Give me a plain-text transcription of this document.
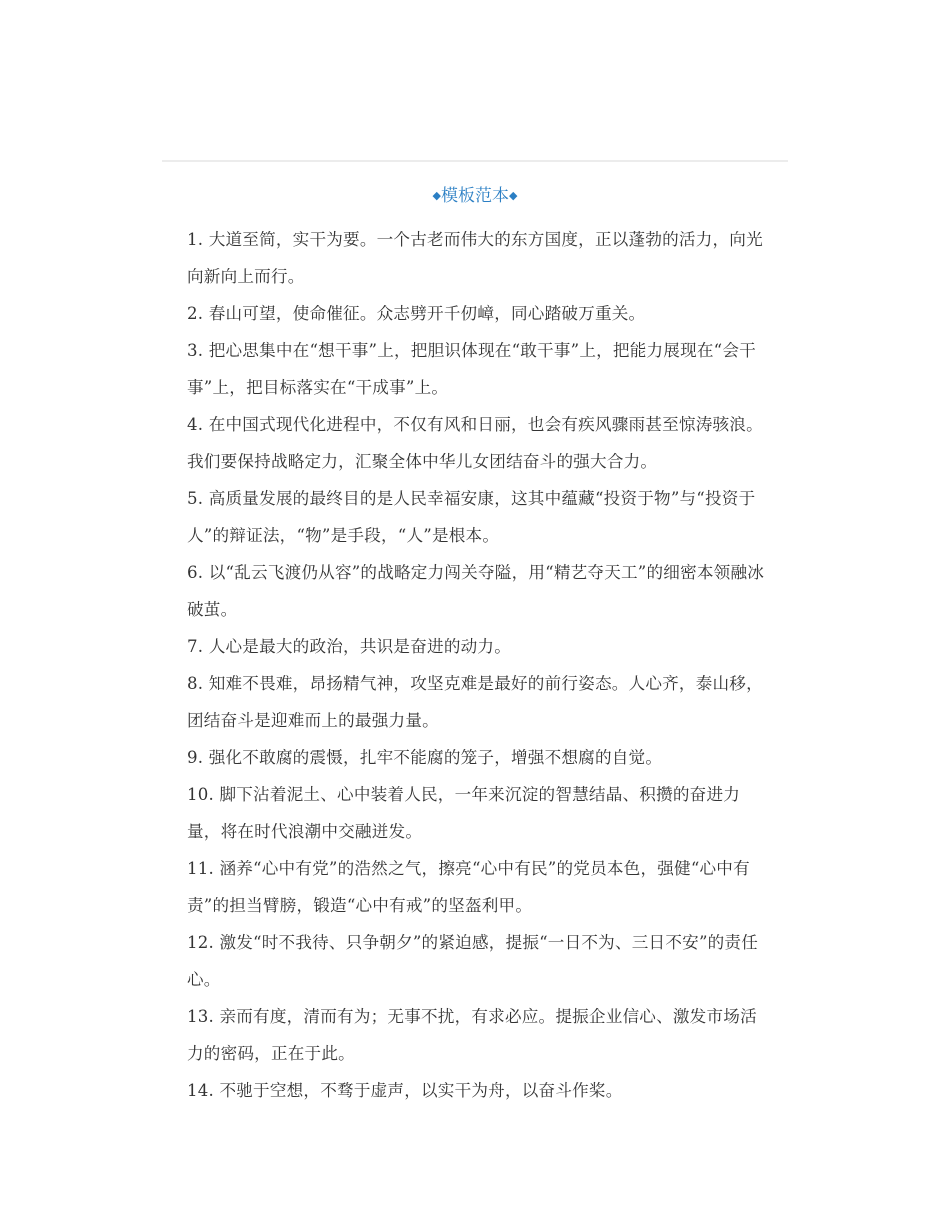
◆模板范本◆

1. 大道至简，实干为要。一个古老而伟大的东方国度，正以蓬勃的活力，向光向新向上而行。

2. 春山可望，使命催征。众志劈开千仞嶂，同心踏破万重关。

3. 把心思集中在“想干事”上，把胆识体现在“敢干事”上，把能力展现在“会干事”上，把目标落实在“干成事”上。

4. 在中国式现代化进程中，不仅有风和日丽，也会有疾风骤雨甚至惊涛骇浪。我们要保持战略定力，汇聚全体中华儿女团结奋斗的强大合力。

5. 高质量发展的最终目的是人民幸福安康，这其中蕴藏“投资于物”与“投资于人”的辩证法，“物”是手段，“人”是根本。

6. 以“乱云飞渡仍从容”的战略定力闯关夺隘，用“精艺夺天工”的细密本领融冰破茧。

7. 人心是最大的政治，共识是奋进的动力。

8. 知难不畏难，昂扬精气神，攻坚克难是最好的前行姿态。人心齐，泰山移，团结奋斗是迎难而上的最强力量。

9. 强化不敢腐的震慑，扎牢不能腐的笼子，增强不想腐的自觉。

10. 脚下沾着泥土、心中装着人民，一年来沉淀的智慧结晶、积攒的奋进力量，将在时代浪潮中交融迸发。

11. 涵养“心中有党”的浩然之气，擦亮“心中有民”的党员本色，强健“心中有责”的担当臂膀，锻造“心中有戒”的坚盔利甲。

12. 激发“时不我待、只争朝夕”的紧迫感，提振“一日不为、三日不安”的责任心。

13. 亲而有度，清而有为；无事不扰，有求必应。提振企业信心、激发市场活力的密码，正在于此。

14. 不驰于空想，不骛于虚声，以实干为舟，以奋斗作桨。
